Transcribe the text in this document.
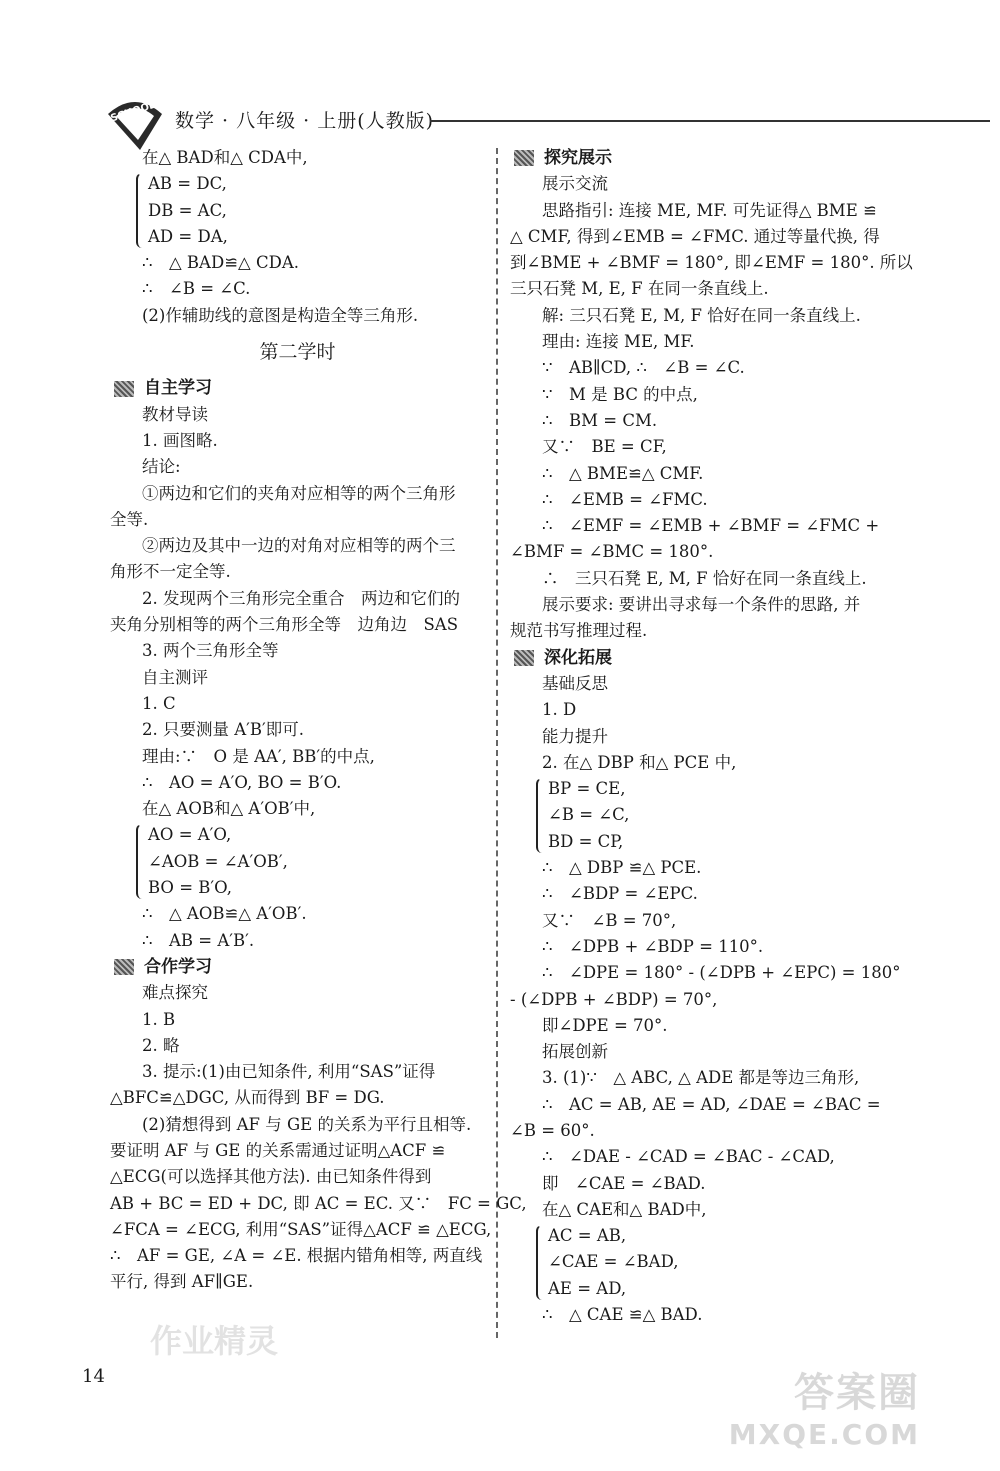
SCHOOL 数学 · 八年级 · 上册(人教版)
在△ BAD和△ CDA中,
AB = DC,
DB = AC,
AD = DA,
∴　△ BAD≌△ CDA.
∴　∠B = ∠C.
(2)作辅助线的意图是构造全等三角形.
第二学时
自主学习
教材导读
1. 画图略.
结论:
①两边和它们的夹角对应相等的两个三角形
全等.
②两边及其中一边的对角对应相等的两个三
角形不一定全等.
2. 发现两个三角形完全重合　两边和它们的
夹角分别相等的两个三角形全等　边角边　SAS
3. 两个三角形全等
自主测评
1. C
2. 只要测量 A′B′即可.
理由:∵　O 是 AA′, BB′的中点,
∴　AO = A′O, BO = B′O.
在△ AOB和△ A′OB′中,
AO = A′O,
∠AOB = ∠A′OB′,
BO = B′O,
∴　△ AOB≌△ A′OB′.
∴　AB = A′B′.
合作学习
难点探究
1. B
2. 略
3. 提示:(1)由已知条件, 利用“SAS”证得
△BFC≌△DGC, 从而得到 BF = DG.
(2)猜想得到 AF 与 GE 的关系为平行且相等.
要证明 AF 与 GE 的关系需通过证明△ACF ≌
△ECG(可以选择其他方法). 由已知条件得到
AB + BC = ED + DC, 即 AC = EC. 又∵　FC = GC,
∠FCA = ∠ECG, 利用“SAS”证得△ACF ≌ △ECG,
∴　AF = GE, ∠A = ∠E. 根据内错角相等, 两直线
平行, 得到 AF∥GE.
探究展示
展示交流
思路指引: 连接 ME, MF. 可先证得△ BME ≌
△ CMF, 得到∠EMB = ∠FMC. 通过等量代换, 得
到∠BME + ∠BMF = 180°, 即∠EMF = 180°. 所以
三只石凳 M, E, F 在同一条直线上.
解: 三只石凳 E, M, F 恰好在同一条直线上.
理由: 连接 ME, MF.
∵　AB∥CD, ∴　∠B = ∠C.
∵　M 是 BC 的中点,
∴　BM = CM.
又∵　BE = CF,
∴　△ BME≌△ CMF.
∴　∠EMB = ∠FMC.
∴　∠EMF = ∠EMB + ∠BMF = ∠FMC +
∠BMF = ∠BMC = 180°.
∴　三只石凳 E, M, F 恰好在同一条直线上.
展示要求: 要讲出寻求每一个条件的思路, 并
规范书写推理过程.
深化拓展
基础反思
1. D
能力提升
2. 在△ DBP 和△ PCE 中,
BP = CE,
∠B = ∠C,
BD = CP,
∴　△ DBP ≌△ PCE.
∴　∠BDP = ∠EPC.
又∵　∠B = 70°,
∴　∠DPB + ∠BDP = 110°.
∴　∠DPE = 180° - (∠DPB + ∠EPC) = 180°
- (∠DPB + ∠BDP) = 70°,
即∠DPE = 70°.
拓展创新
3. (1)∵　△ ABC, △ ADE 都是等边三角形,
∴　AC = AB, AE = AD, ∠DAE = ∠BAC =
∠B = 60°.
∴　∠DAE - ∠CAD = ∠BAC - ∠CAD,
即　∠CAE = ∠BAD.
在△ CAE和△ BAD中,
AC = AB,
∠CAE = ∠BAD,
AE = AD,
∴　△ CAE ≌△ BAD.
作业精灵
14	答案圈
MXQE.COM
